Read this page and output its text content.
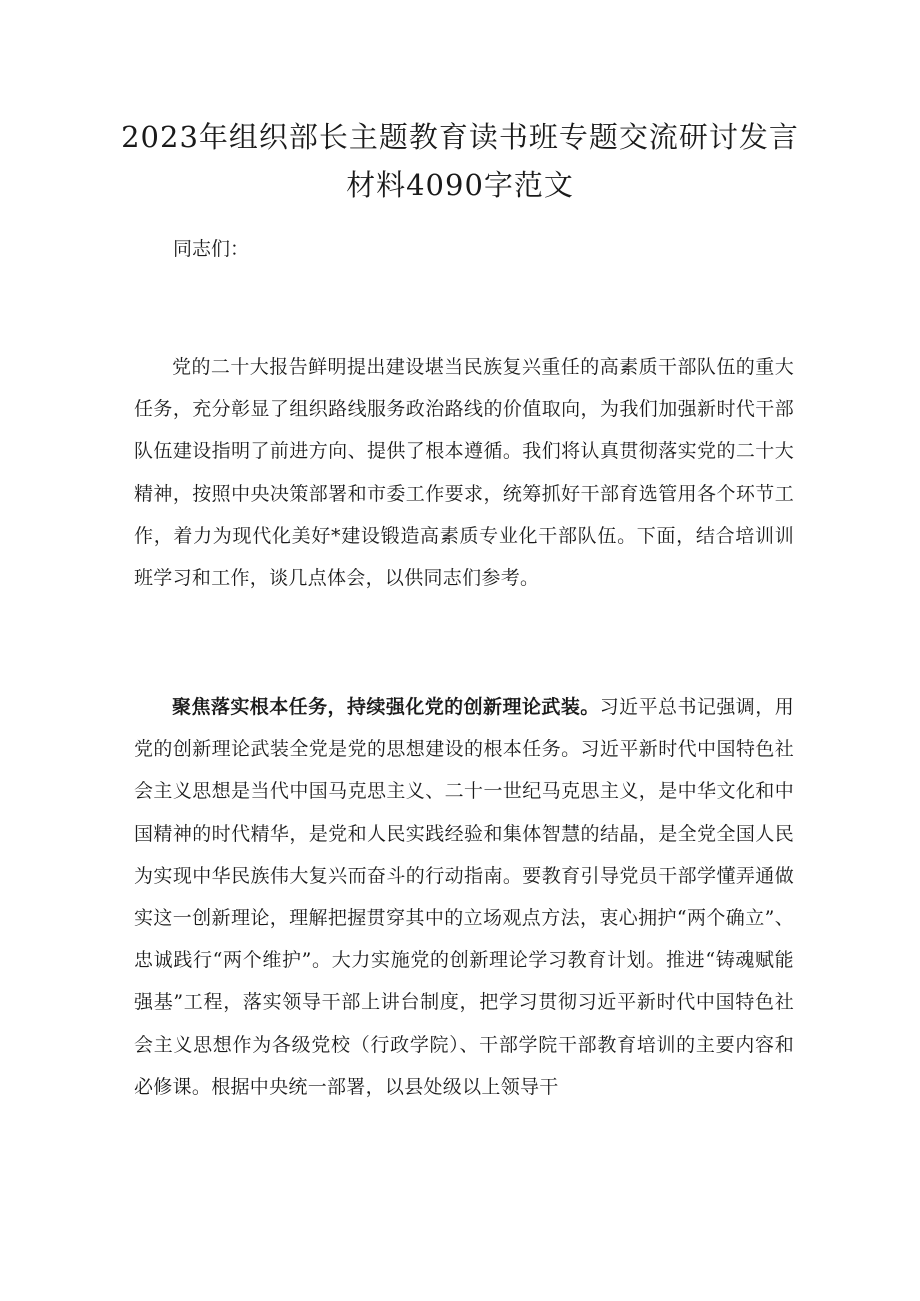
2023年组织部长主题教育读书班专题交流研讨发言
材料4090字范文
同志们：
党的二十大报告鲜明提出建设堪当民族复兴重任的高素质干部队伍的重大任务，充分彰显了组织路线服务政治路线的价值取向，为我们加强新时代干部队伍建设指明了前进方向、提供了根本遵循。我们将认真贯彻落实党的二十大精神，按照中央决策部署和市委工作要求，统筹抓好干部育选管用各个环节工作，着力为现代化美好*建设锻造高素质专业化干部队伍。下面，结合培训训班学习和工作，谈几点体会，以供同志们参考。
聚焦落实根本任务，持续强化党的创新理论武装。习近平总书记强调，用党的创新理论武装全党是党的思想建设的根本任务。习近平新时代中国特色社会主义思想是当代中国马克思主义、二十一世纪马克思主义，是中华文化和中国精神的时代精华，是党和人民实践经验和集体智慧的结晶，是全党全国人民为实现中华民族伟大复兴而奋斗的行动指南。要教育引导党员干部学懂弄通做实这一创新理论，理解把握贯穿其中的立场观点方法，衷心拥护“两个确立”、忠诚践行“两个维护”。大力实施党的创新理论学习教育计划。推进“铸魂赋能强基”工程，落实领导干部上讲台制度，把学习贯彻习近平新时代中国特色社会主义思想作为各级党校（行政学院）、干部学院干部教育培训的主要内容和必修课。根据中央统一部署，以县处级以上领导干
